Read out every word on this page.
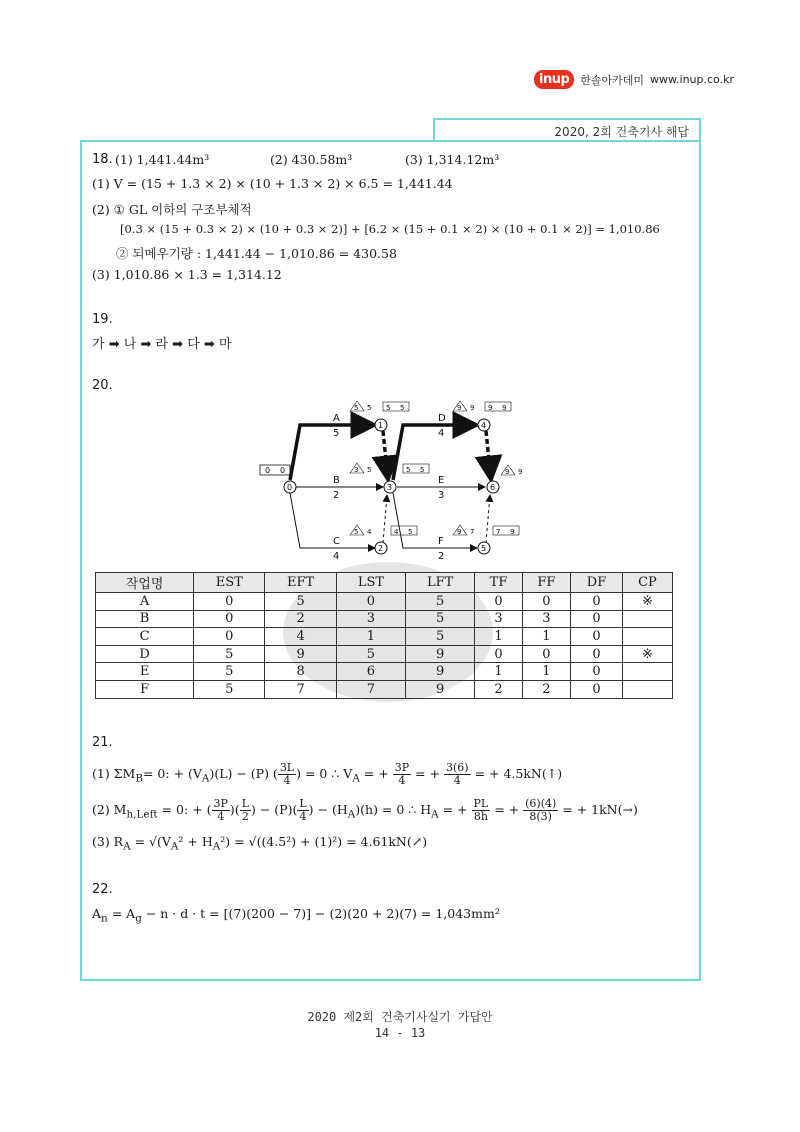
inup	한솔아카데미 www.inup.co.kr
2020, 2회 건축기사 해답
18. (1) 1,441.44m³	(2) 430.58m³	(3) 1,314.12m³
(1) V = (15 + 1.3 × 2) × (10 + 1.3 × 2) × 6.5 = 1,441.44
(2) ① GL 이하의 구조부체적
[0.3 × (15 + 0.3 × 2) × (10 + 0.3 × 2)] + [6.2 × (15 + 0.1 × 2) × (10 + 0.1 × 2)] = 1,010.86
② 되메우기량 : 1,441.44 − 1,010.86 = 430.58
(3) 1,010.86 × 1.3 = 1,314.12
19.
가 ➡ 나 ➡ 라 ➡ 다 ➡ 마
20.
0 0
0
1
2
3
4
5
6
A
5
B
2
C
4
D
4
E
3
F
2
5 5 5 5
3 5	5 5
5 4	4 5
9 9 9 9
9 9
9 7	7 9
작업명	EST	EFT	LST	LFT	TF	FF	DF	CP
A	0	5	0	5	0	0	0	※
B	0	2	3	5	3	3	0	
C	0	4	1	5	1	1	0	
D	5	9	5	9	0	0	0	※
E	5	8	6	9	1	1	0	
F	5	7	7	9	2	2	0	
21.
(1) $\Sigma M_B= 0$: + $(V_A)(L) - (P)$ ( $\frac{3L}{4}$ ) = 0 ∴ $V_A$ = + $\frac{3P}{4}$ = + $\frac{3(6)}{4}$ = + 4.5kN(↑)
(2) $M_{h,Left} = 0$: + ( $\frac{3P}{4}$ )( $\frac{L}{2}$ ) − $(P)( \frac{L}{4}$ ) − $(H_A)(h) = 0$ ∴ $H_A$ = + $\frac{PL}{8h}$ = + $\frac{(6)(4)}{8(3)}$ = + 1kN(→)
(3) $R_A = √(V_A^2 + H_A^2) = √((4.5^2) + (1)^2)$ = 4.61kN(↗)
22.
$A_n = A_g - n \cdot d \cdot t = [(7)(200 - 7)] - (2)(20 + 2)(7) = 1,043mm^2$
2020 제2회 건축기사실기 가답안
14 - 13
